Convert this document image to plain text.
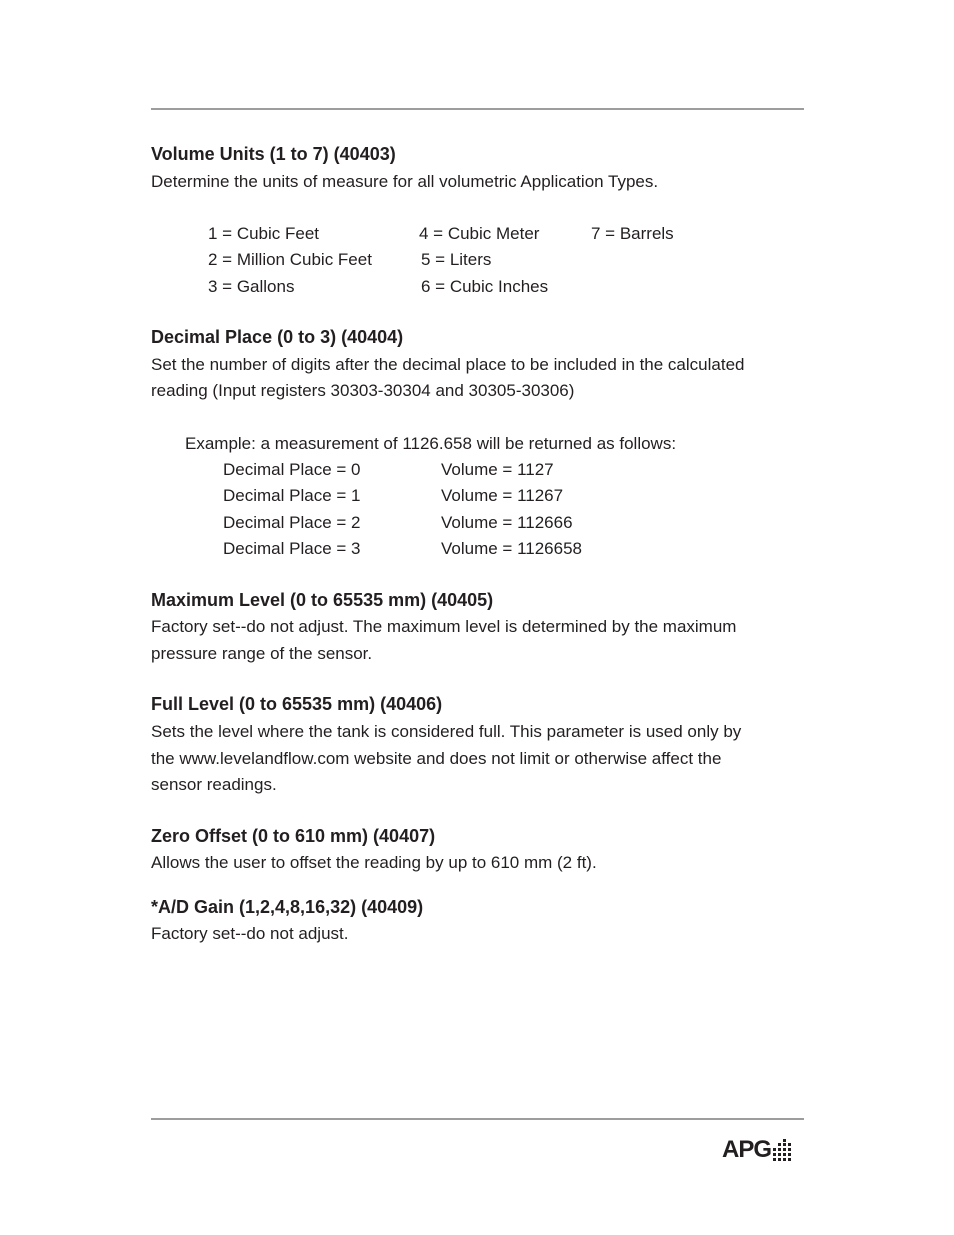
Volume Units (1 to 7) (40403)
Determine the units of measure for all volumetric Application Types.
1 = Cubic Feet	4 = Cubic Meter	7 = Barrels
2 = Million Cubic Feet	5 = Liters
3 = Gallons	6 = Cubic Inches
Decimal Place (0 to 3) (40404)
Set the number of digits after the decimal place to be included in the calculated
reading (Input registers 30303-30304 and 30305-30306)
Example: a measurement of 1126.658 will be returned as follows:
Decimal Place = 0	Volume = 1127
Decimal Place = 1	Volume = 11267
Decimal Place = 2	Volume = 112666
Decimal Place = 3	Volume = 1126658
Maximum Level (0 to 65535 mm) (40405)
Factory set--do not adjust. The maximum level is determined by the maximum
pressure range of the sensor.
Full Level (0 to 65535 mm) (40406)
Sets the level where the tank is considered full. This parameter is used only by
the www.levelandflow.com website and does not limit or otherwise affect the
sensor readings.
Zero Offset (0 to 610 mm) (40407)
Allows the user to offset the reading by up to 610 mm (2 ft).
*A/D Gain (1,2,4,8,16,32) (40409)
Factory set--do not adjust.
APG
